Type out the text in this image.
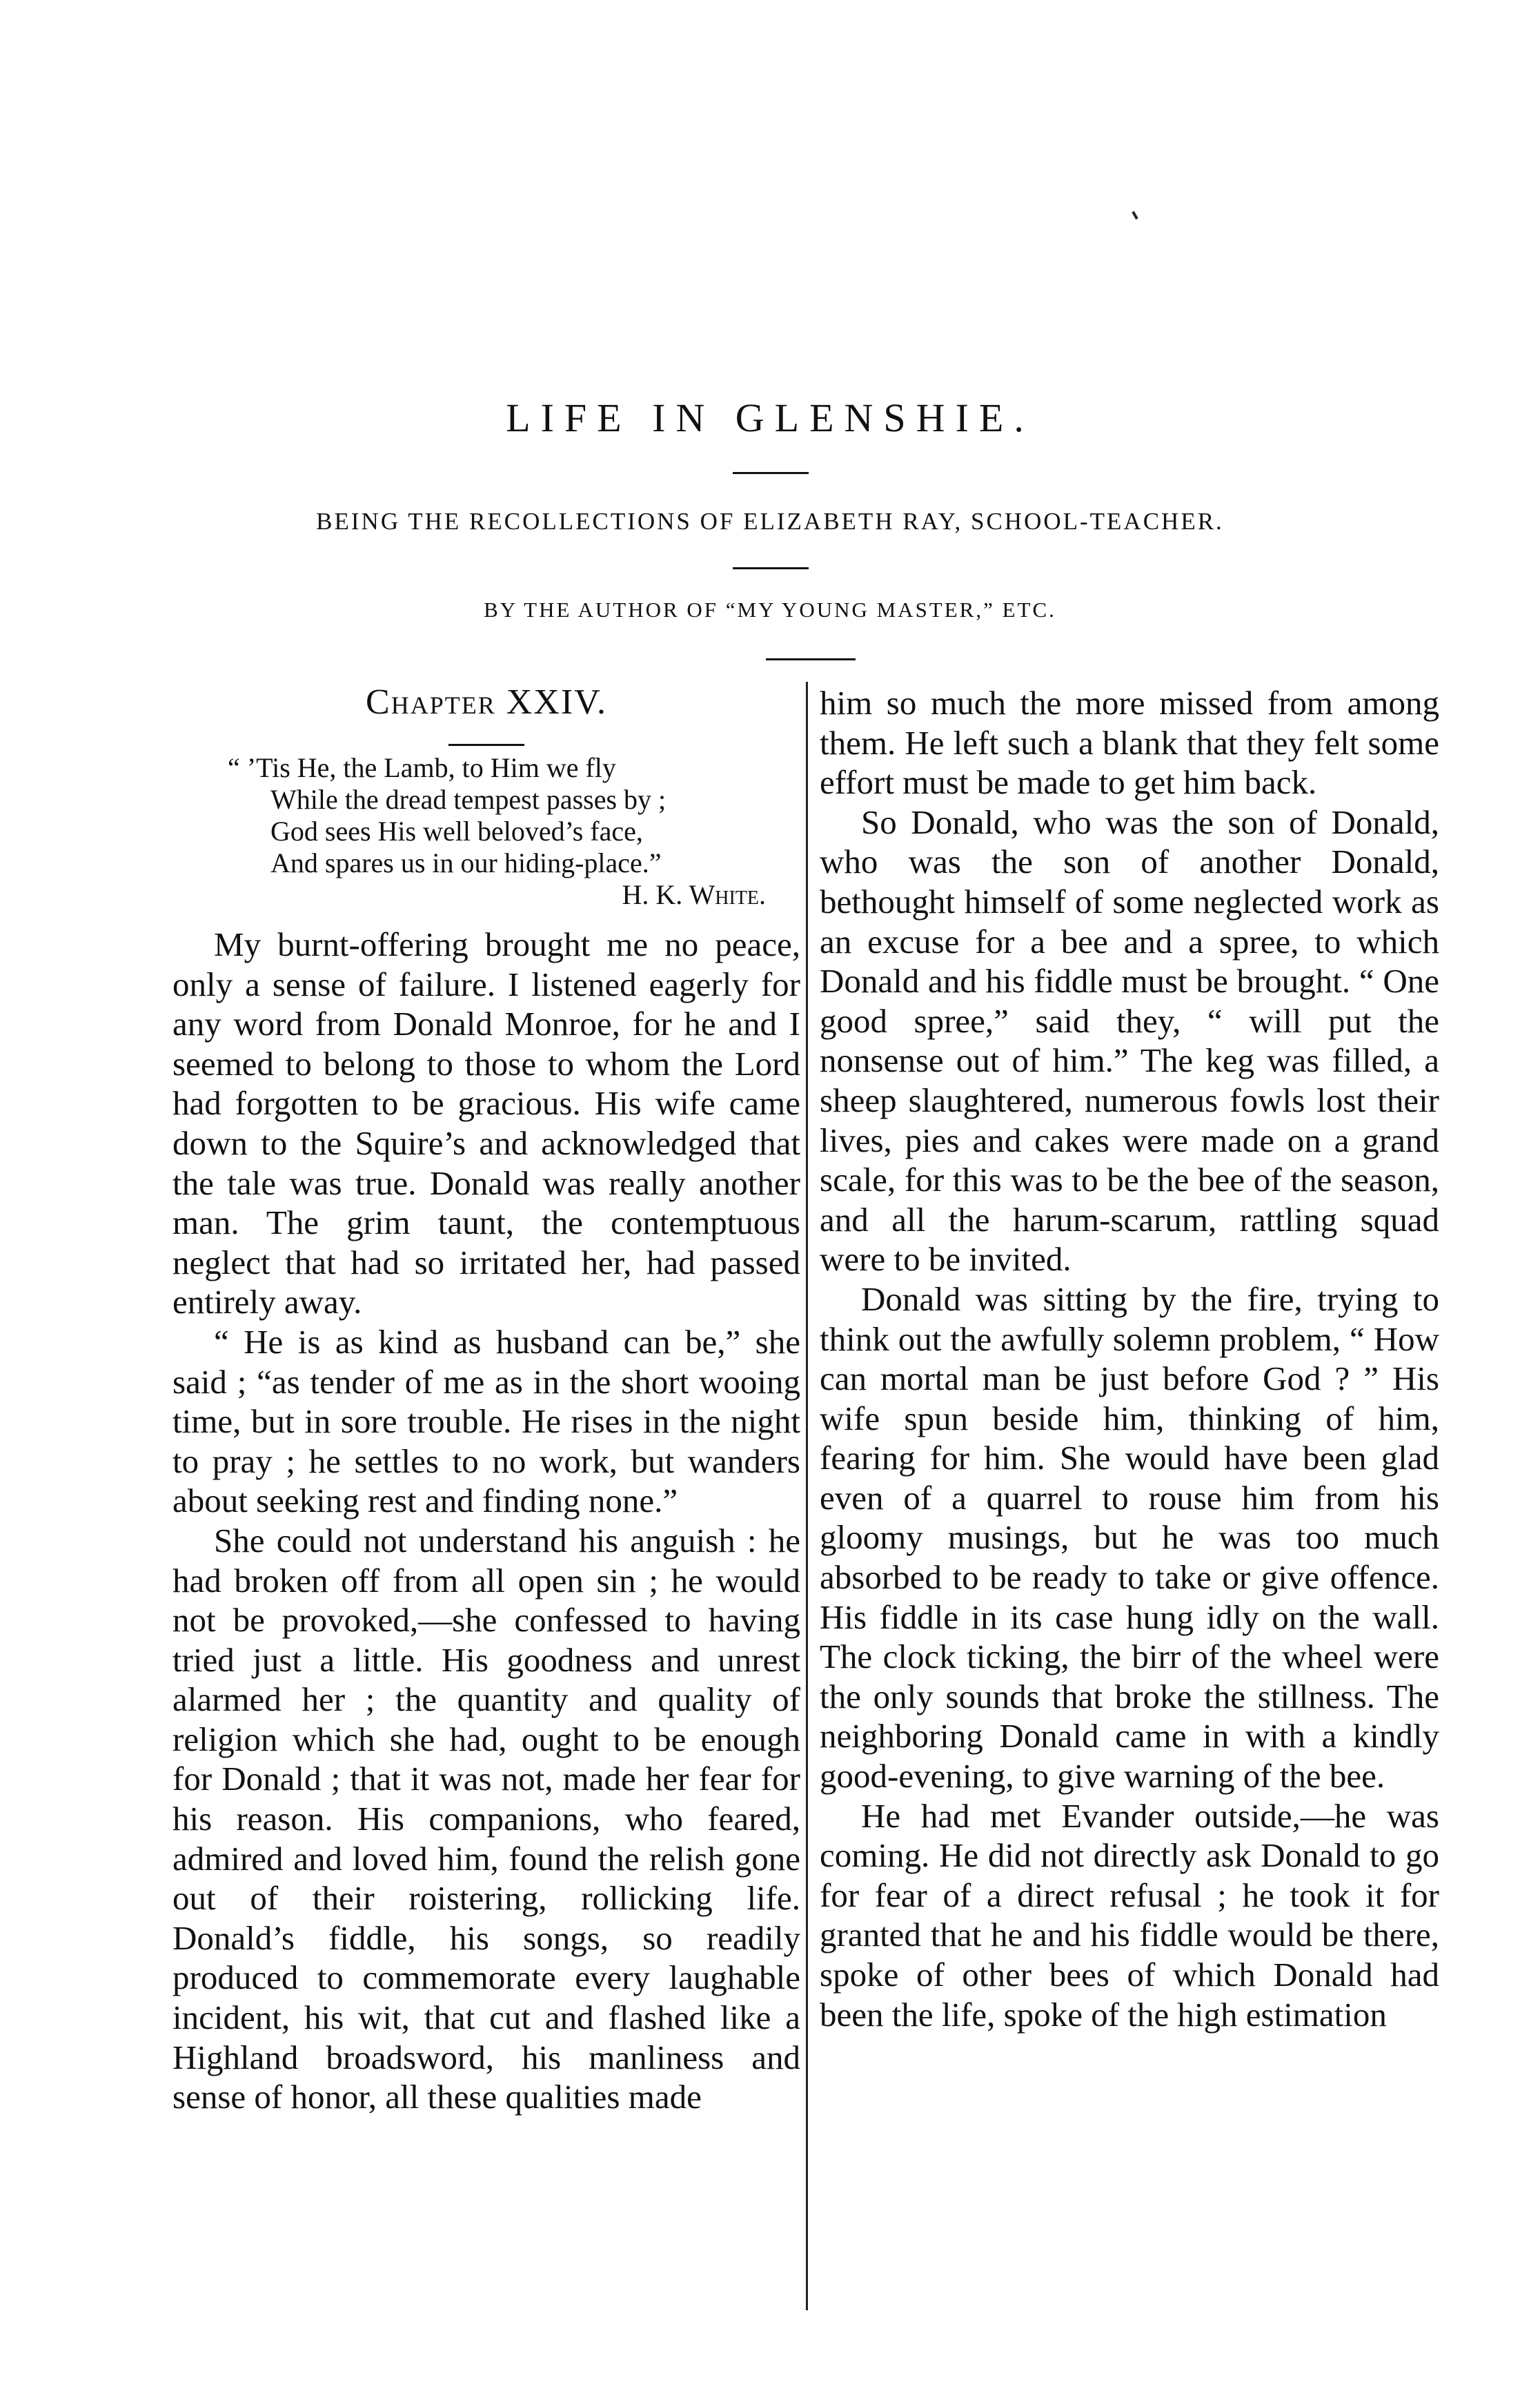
LIFE IN GLENSHIE.
BEING THE RECOLLECTIONS OF ELIZABETH RAY, SCHOOL-TEACHER.
BY THE AUTHOR OF “MY YOUNG MASTER,” ETC.
Chapter XXIV.
“ ’Tis He, the Lamb, to Him we fly
While the dread tempest passes by ;
God sees His well beloved’s face,
And spares us in our hiding-place.”
H. K. White.

My burnt-offering brought me no peace, only a sense of failure. I listened eagerly for any word from Donald Monroe, for he and I seemed to belong to those to whom the Lord had forgotten to be gracious. His wife came down to the Squire’s and acknowledged that the tale was true. Donald was really another man. The grim taunt, the contemptuous neglect that had so irritated her, had passed entirely away.

“ He is as kind as husband can be,” she said ; “as tender of me as in the short wooing time, but in sore trouble. He rises in the night to pray ; he settles to no work, but wanders about seeking rest and finding none.”

She could not understand his anguish : he had broken off from all open sin ; he would not be provoked,—she confessed to having tried just a little. His goodness and unrest alarmed her ; the quantity and quality of religion which she had, ought to be enough for Donald ; that it was not, made her fear for his reason. His companions, who feared, admired and loved him, found the relish gone out of their roistering, rollicking life. Donald’s fiddle, his songs, so readily produced to commemorate every laughable incident, his wit, that cut and flashed like a Highland broadsword, his manliness and sense of honor, all these qualities made

him so much the more missed from among them. He left such a blank that they felt some effort must be made to get him back.

So Donald, who was the son of Donald, who was the son of another Donald, bethought himself of some neglected work as an excuse for a bee and a spree, to which Donald and his fiddle must be brought. “ One good spree,” said they, “ will put the nonsense out of him.” The keg was filled, a sheep slaughtered, numerous fowls lost their lives, pies and cakes were made on a grand scale, for this was to be the bee of the season, and all the harum-scarum, rattling squad were to be invited.

Donald was sitting by the fire, trying to think out the awfully solemn problem, “ How can mortal man be just before God ? ” His wife spun beside him, thinking of him, fearing for him. She would have been glad even of a quarrel to rouse him from his gloomy musings, but he was too much absorbed to be ready to take or give offence. His fiddle in its case hung idly on the wall. The clock ticking, the birr of the wheel were the only sounds that broke the stillness. The neighboring Donald came in with a kindly good-evening, to give warning of the bee.

He had met Evander outside,—he was coming. He did not directly ask Donald to go for fear of a direct refusal ; he took it for granted that he and his fiddle would be there, spoke of other bees of which Donald had been the life, spoke of the high estimation
